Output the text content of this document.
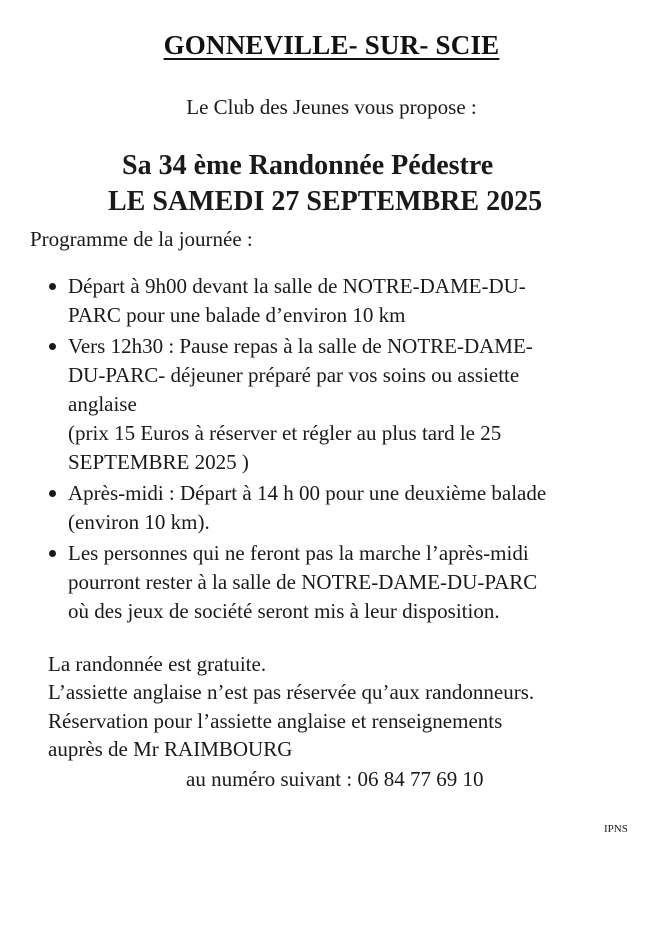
GONNEVILLE- SUR- SCIE

Le Club des Jeunes vous propose :

Sa 34 ème Randonnée Pédestre

LE SAMEDI 27 SEPTEMBRE 2025

Programme de la journée :

Départ à 9h00 devant la salle de NOTRE-DAME-DU-
PARC pour une balade d’environ 10 km
Vers 12h30 : Pause repas à la salle de NOTRE-DAME-
DU-PARC- déjeuner préparé par vos soins ou assiette
anglaise
(prix 15 Euros à réserver et régler au plus tard le 25
SEPTEMBRE 2025 )
Après-midi : Départ à 14 h 00 pour une deuxième balade
(environ 10 km).
Les personnes qui ne feront pas la marche l’après-midi
pourront rester à la salle de NOTRE-DAME-DU-PARC
où des jeux de société seront mis à leur disposition.

La randonnée est gratuite.

L’assiette anglaise n’est pas réservée qu’aux randonneurs.

Réservation pour l’assiette anglaise et renseignements

auprès de Mr RAIMBOURG

au numéro suivant : 06 84 77 69 10

IPNS
